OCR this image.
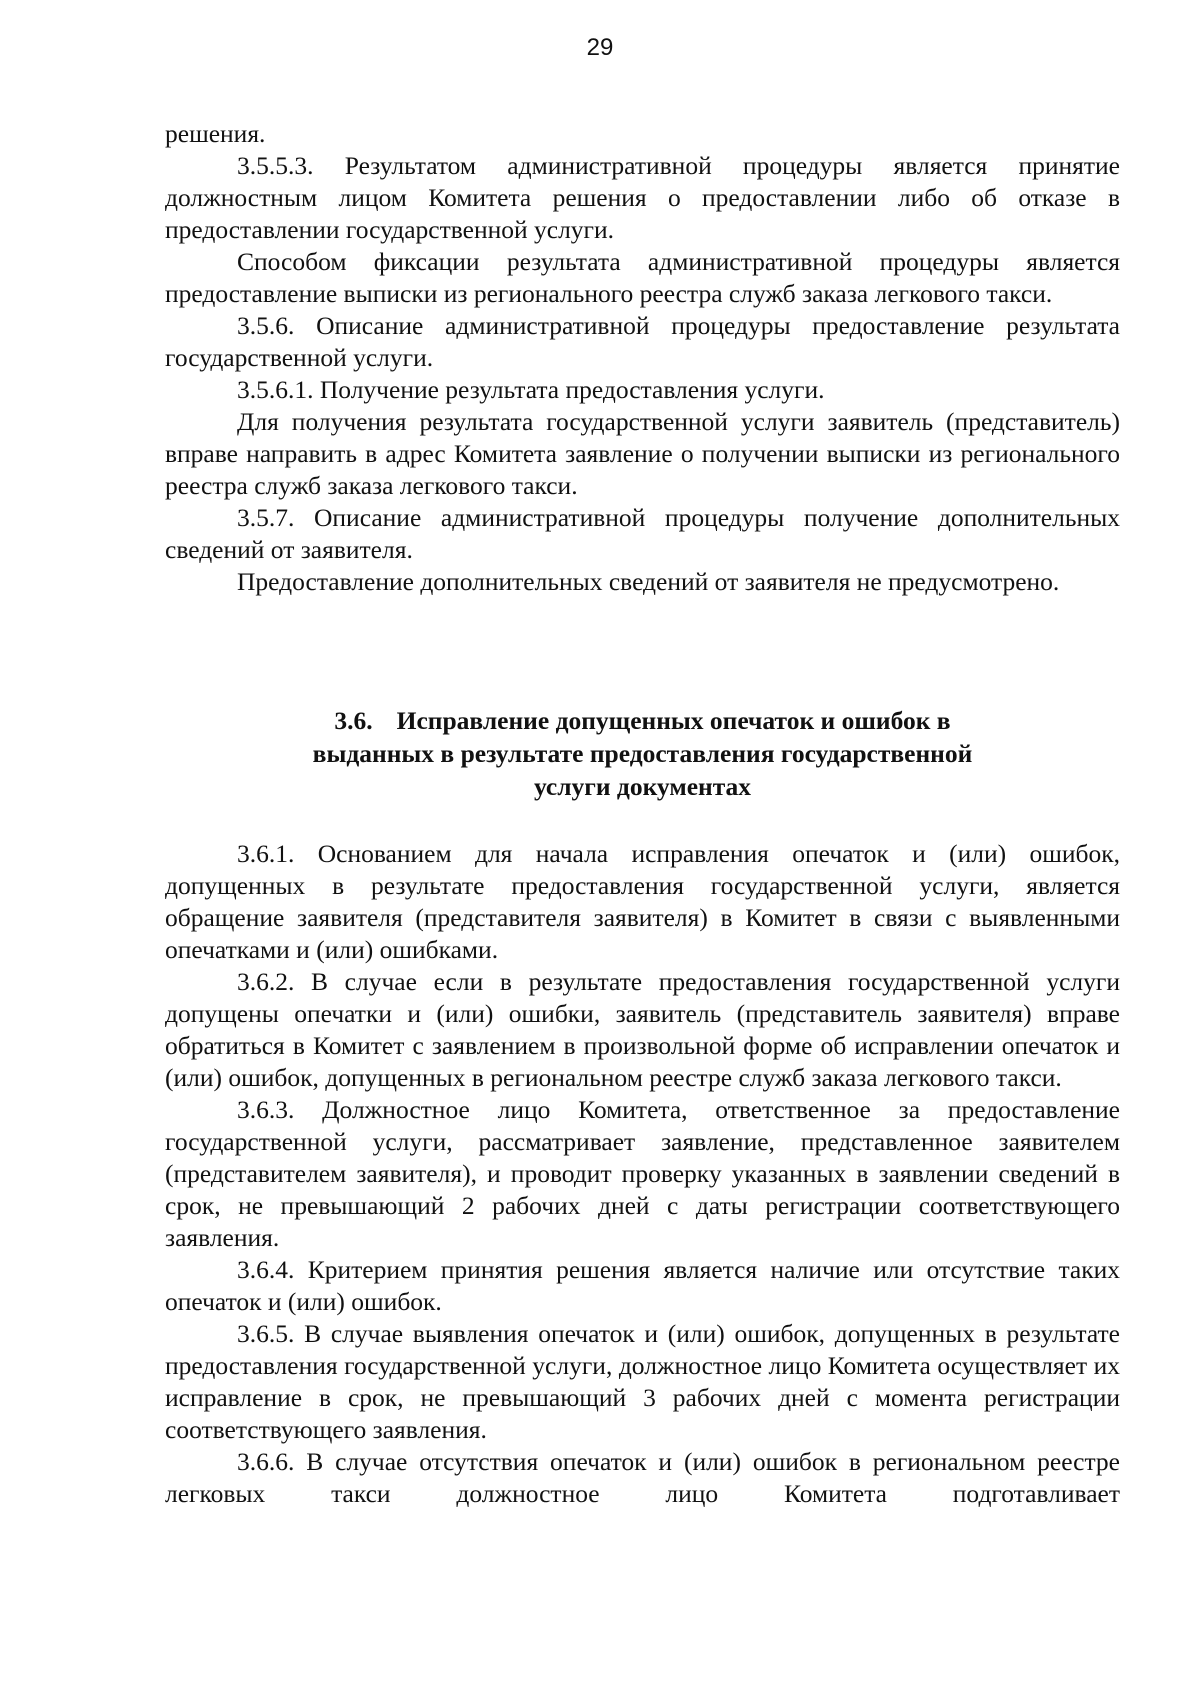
29

решения.

3.5.5.3. Результатом административной процедуры является принятие должностным лицом Комитета решения о предоставлении либо об отказе в предоставлении государственной услуги.

Способом фиксации результата административной процедуры является предоставление выписки из регионального реестра служб заказа легкового такси.

3.5.6. Описание административной процедуры предоставление результата государственной услуги.

3.5.6.1. Получение результата предоставления услуги.

Для получения результата государственной услуги заявитель (представитель) вправе направить в адрес Комитета заявление о получении выписки из регионального реестра служб заказа легкового такси.

3.5.7. Описание административной процедуры получение дополнительных сведений от заявителя.

Предоставление дополнительных сведений от заявителя не предусмотрено.

3.6. Исправление допущенных опечаток и ошибок в
выданных в результате предоставления государственной
услуги документах

3.6.1. Основанием для начала исправления опечаток и (или) ошибок, допущенных в результате предоставления государственной услуги, является обращение заявителя (представителя заявителя) в Комитет в связи с выявленными опечатками и (или) ошибками.

3.6.2. В случае если в результате предоставления государственной услуги допущены опечатки и (или) ошибки, заявитель (представитель заявителя) вправе обратиться в Комитет с заявлением в произвольной форме об исправлении опечаток и (или) ошибок, допущенных в региональном реестре служб заказа легкового такси.

3.6.3. Должностное лицо Комитета, ответственное за предоставление государственной услуги, рассматривает заявление, представленное заявителем (представителем заявителя), и проводит проверку указанных в заявлении сведений в срок, не превышающий 2 рабочих дней с даты регистрации соответствующего заявления.

3.6.4. Критерием принятия решения является наличие или отсутствие таких опечаток и (или) ошибок.

3.6.5. В случае выявления опечаток и (или) ошибок, допущенных в результате предоставления государственной услуги, должностное лицо Комитета осуществляет их исправление в срок, не превышающий 3 рабочих дней с момента регистрации соответствующего заявления.

3.6.6. В случае отсутствия опечаток и (или) ошибок в региональном реестре легковых такси должностное лицо Комитета подготавливает
